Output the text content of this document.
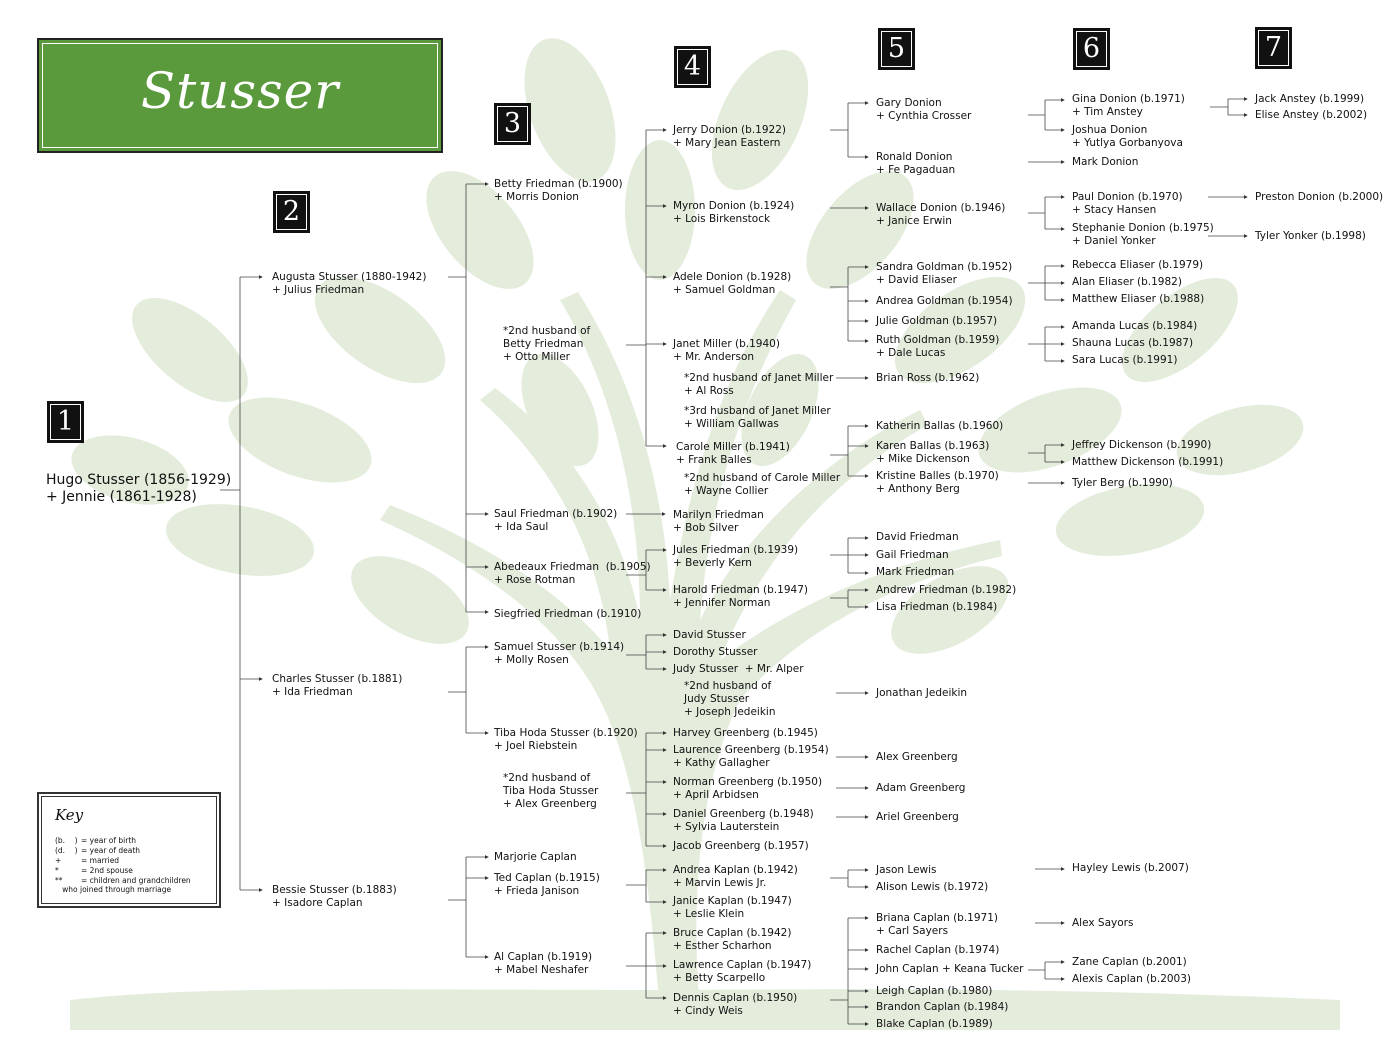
Stusser
1
2
3
4
5	6	7
Key
(b.    ) = year of birth
(d.    ) = year of death
+	= married
*	= 2nd spouse
** = children and grandchildren
who joined through marriage
Hugo Stusser (1856-1929)
+ Jennie (1861-1928)
Augusta Stusser (1880-1942)
+ Julius Friedman
Charles Stusser (b.1881)
+ Ida Friedman
Bessie Stusser (b.1883)
+ Isadore Caplan
Betty Friedman (b.1900)
+ Morris Donion
*2nd husband of
Betty Friedman
+ Otto Miller
Saul Friedman (b.1902)
+ Ida Saul
Abedeaux Friedman  (b.1905)
+ Rose Rotman
Siegfried Friedman (b.1910)
Samuel Stusser (b.1914)
+ Molly Rosen
Tiba Hoda Stusser (b.1920)
+ Joel Riebstein
*2nd husband of
Tiba Hoda Stusser
+ Alex Greenberg
Marjorie Caplan
Ted Caplan (b.1915)
+ Frieda Janison
Al Caplan (b.1919)
+ Mabel Neshafer
Jerry Donion (b.1922)
+ Mary Jean Eastern
Myron Donion (b.1924)
+ Lois Birkenstock
Adele Donion (b.1928)
+ Samuel Goldman
Janet Miller (b.1940)
+ Mr. Anderson
*2nd husband of Janet Miller
+ Al Ross
*3rd husband of Janet Miller
+ William Gallwas
Carole Miller (b.1941)
+ Frank Balles
*2nd husband of Carole Miller
+ Wayne Collier
Marilyn Friedman
+ Bob Silver
Jules Friedman (b.1939)
+ Beverly Kern
Harold Friedman (b.1947)
+ Jennifer Norman
David Stusser
Dorothy Stusser
Judy Stusser  + Mr. Alper
*2nd husband of
Judy Stusser
+ Joseph Jedeikin
Harvey Greenberg (b.1945)
Laurence Greenberg (b.1954)
+ Kathy Gallagher
Norman Greenberg (b.1950)
+ April Arbidsen
Daniel Greenberg (b.1948)
+ Sylvia Lauterstein
Jacob Greenberg (b.1957)
Andrea Kaplan (b.1942)
+ Marvin Lewis Jr.
Janice Kaplan (b.1947)
+ Leslie Klein
Bruce Caplan (b.1942)
+ Esther Scharhon
Lawrence Caplan (b.1947)
+ Betty Scarpello
Dennis Caplan (b.1950)
+ Cindy Weis
Gary Donion
+ Cynthia Crosser
Ronald Donion
+ Fe Pagaduan
Wallace Donion (b.1946)
+ Janice Erwin
Sandra Goldman (b.1952)
+ David Eliaser
Andrea Goldman (b.1954)
Julie Goldman (b.1957)
Ruth Goldman (b.1959)
+ Dale Lucas
Brian Ross (b.1962)
Katherin Ballas (b.1960)
Karen Ballas (b.1963)
+ Mike Dickenson
Kristine Balles (b.1970)
+ Anthony Berg
David Friedman
Gail Friedman
Mark Friedman
Andrew Friedman (b.1982)
Lisa Friedman (b.1984)
Jonathan Jedeikin
Alex Greenberg
Adam Greenberg
Ariel Greenberg
Jason Lewis
Alison Lewis (b.1972)
Briana Caplan (b.1971)
+ Carl Sayers
Rachel Caplan (b.1974)
John Caplan + Keana Tucker
Leigh Caplan (b.1980)
Brandon Caplan (b.1984)
Blake Caplan (b.1989)
Gina Donion (b.1971)
+ Tim Anstey
Joshua Donion
+ Yutlya Gorbanyova
Mark Donion
Paul Donion (b.1970)
+ Stacy Hansen
Stephanie Donion (b.1975)
+ Daniel Yonker
Rebecca Eliaser (b.1979)
Alan Eliaser (b.1982)
Matthew Eliaser (b.1988)
Amanda Lucas (b.1984)
Shauna Lucas (b.1987)
Sara Lucas (b.1991)
Jeffrey Dickenson (b.1990)
Matthew Dickenson (b.1991)
Tyler Berg (b.1990)
Hayley Lewis (b.2007)
Alex Sayors
Zane Caplan (b.2001)
Alexis Caplan (b.2003)
Jack Anstey (b.1999)
Elise Anstey (b.2002)
Preston Donion (b.2000)
Tyler Yonker (b.1998)
